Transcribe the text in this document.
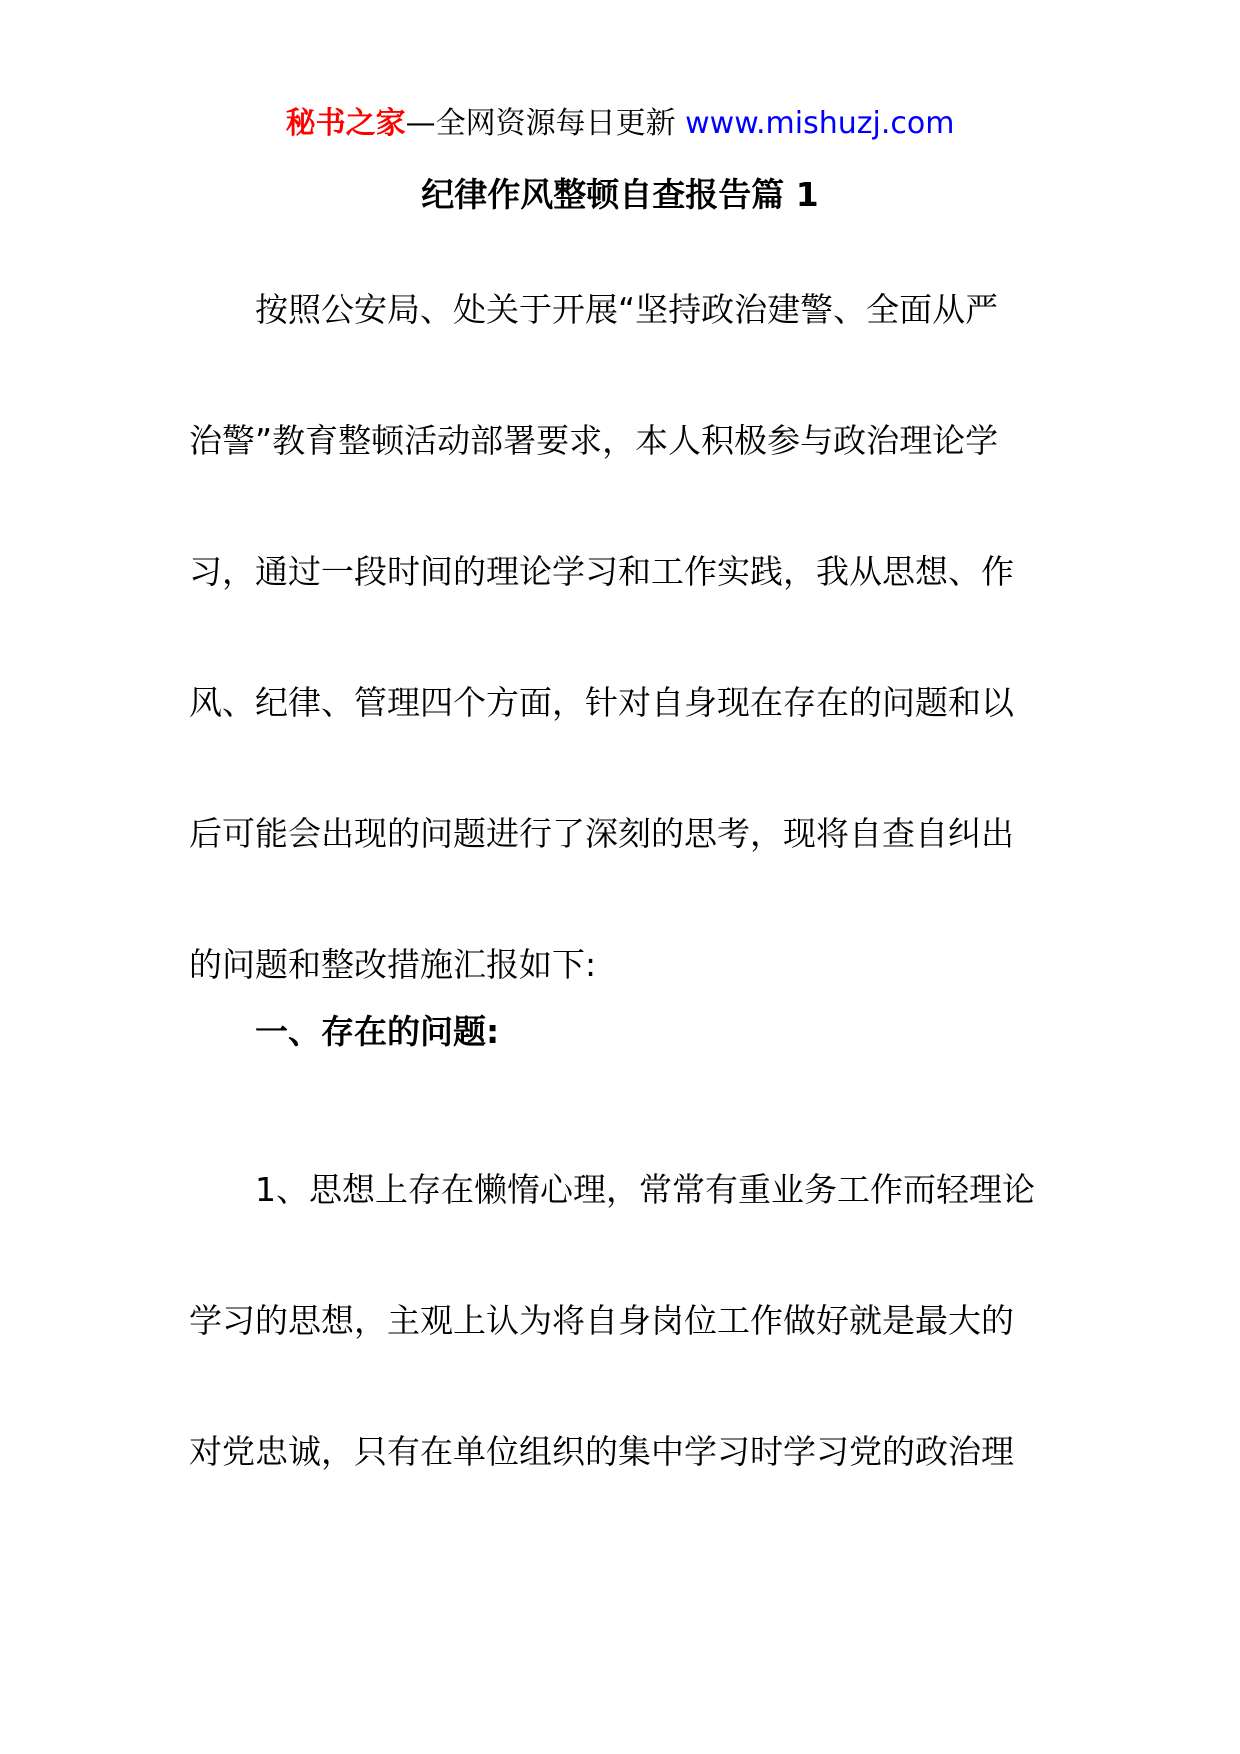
秘书之家—全网资源每日更新 www.mishuzj.com
纪律作风整顿自查报告篇 1
按照公安局、处关于开展“坚持政治建警、全面从严
治警”教育整顿活动部署要求，本人积极参与政治理论学
习，通过一段时间的理论学习和工作实践，我从思想、作
风、纪律、管理四个方面，针对自身现在存在的问题和以
后可能会出现的问题进行了深刻的思考，现将自查自纠出
的问题和整改措施汇报如下:
一、存在的问题:
1、思想上存在懒惰心理，常常有重业务工作而轻理论
学习的思想，主观上认为将自身岗位工作做好就是最大的
对党忠诚，只有在单位组织的集中学习时学习党的政治理
